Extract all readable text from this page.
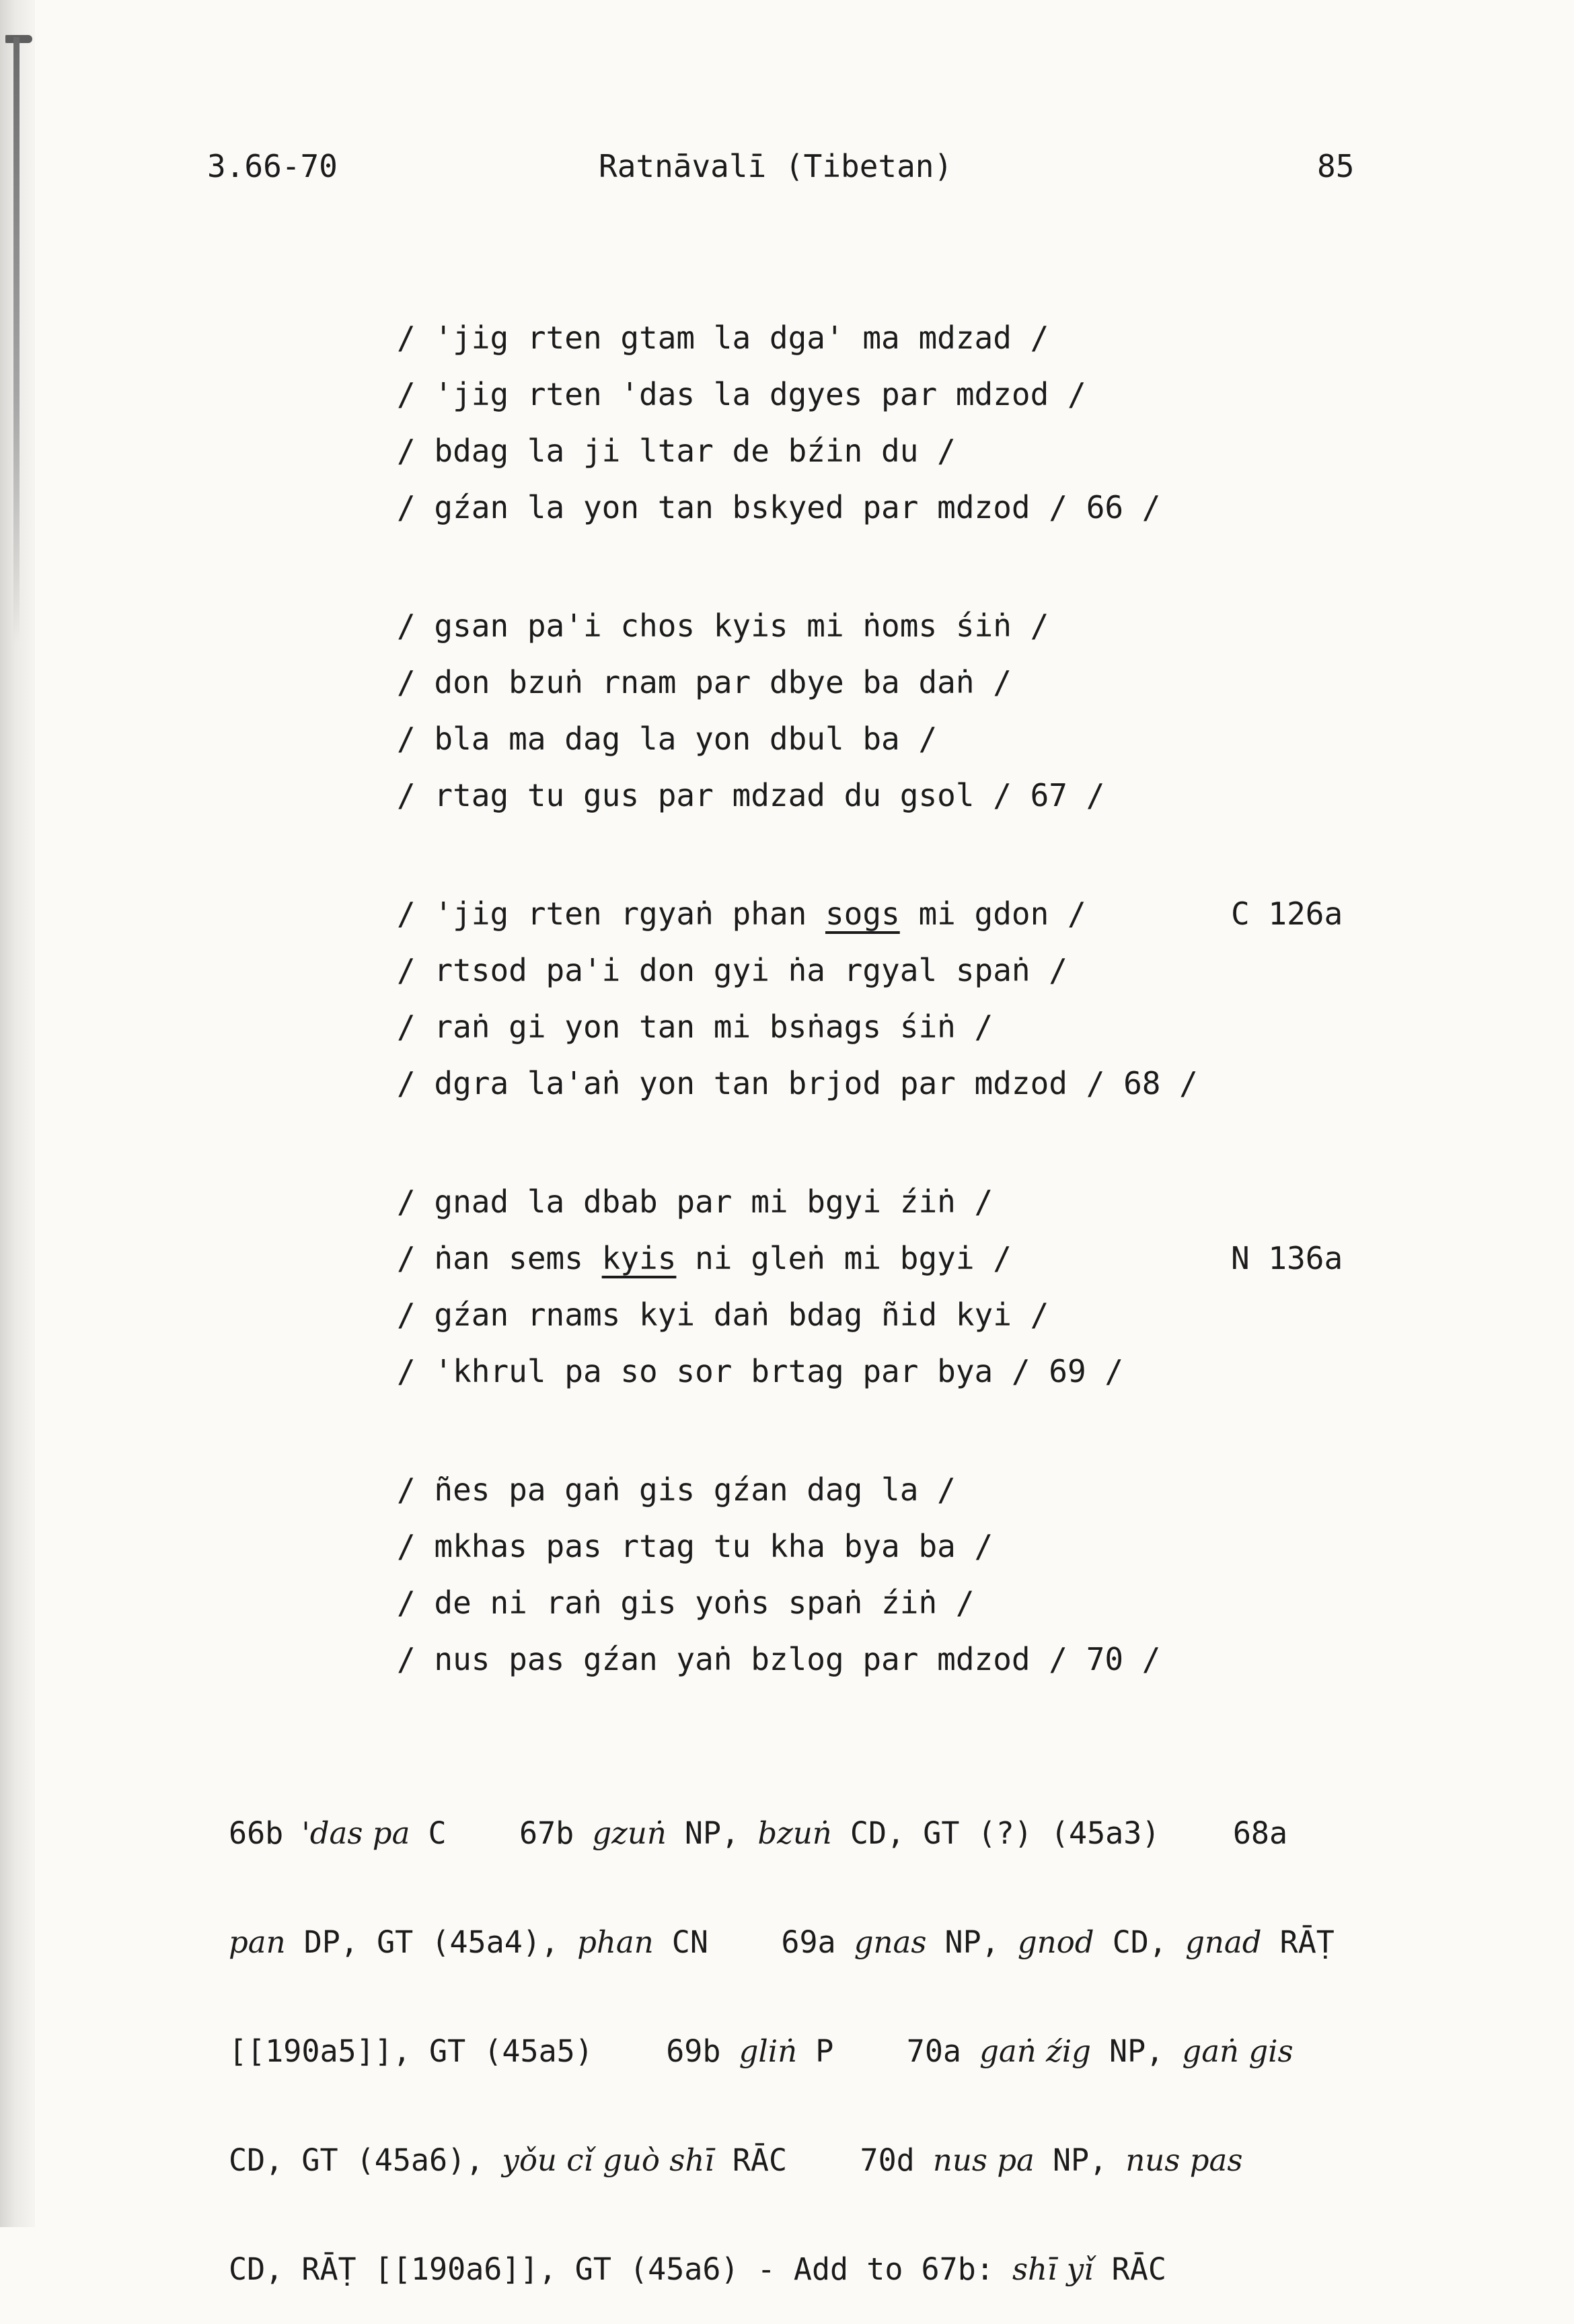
3.66-70	Ratnāvalī (Tibetan)	85
/ 'jig rten gtam la dga' ma mdzad /
/ 'jig rten 'das la dgyes par mdzod /
/ bdag la ji ltar de bźin du /
/ gźan la yon tan bskyed par mdzod / 66 /
/ gsan pa'i chos kyis mi ṅoms śiṅ /
/ don bzuṅ rnam par dbye ba daṅ /
/ bla ma dag la yon dbul ba /
/ rtag tu gus par mdzad du gsol / 67 /
/ 'jig rten rgyaṅ phan sogs mi gdon /	C 126a
/ rtsod pa'i don gyi ṅa rgyal spaṅ /
/ raṅ gi yon tan mi bsṅags śiṅ /
/ dgra la'aṅ yon tan brjod par mdzod / 68 /
/ gnad la dbab par mi bgyi źiṅ /
/ ṅan sems kyis ni gleṅ mi bgyi /	N 136a
/ gźan rnams kyi daṅ bdag ñid kyi /
/ 'khrul pa so sor brtag par bya / 69 /
/ ñes pa gaṅ gis gźan dag la /
/ mkhas pas rtag tu kha bya ba /
/ de ni raṅ gis yoṅs spaṅ źiṅ /
/ nus pas gźan yaṅ bzlog par mdzod / 70 /

66b 'das pa C    67b gzuṅ NP, bzuṅ CD, GT (?) (45a3)    68a

pan DP, GT (45a4), phan CN    69a gnas NP, gnod CD, gnad RĀṬ

[[190a5]], GT (45a5)    69b gliṅ P    70a gaṅ źig NP, gaṅ gis

CD, GT (45a6), yǒu cǐ guò shī RĀC    70d nus pa NP, nus pas

CD, RĀṬ [[190a6]], GT (45a6) - Add to 67b: shī yǐ RĀC
